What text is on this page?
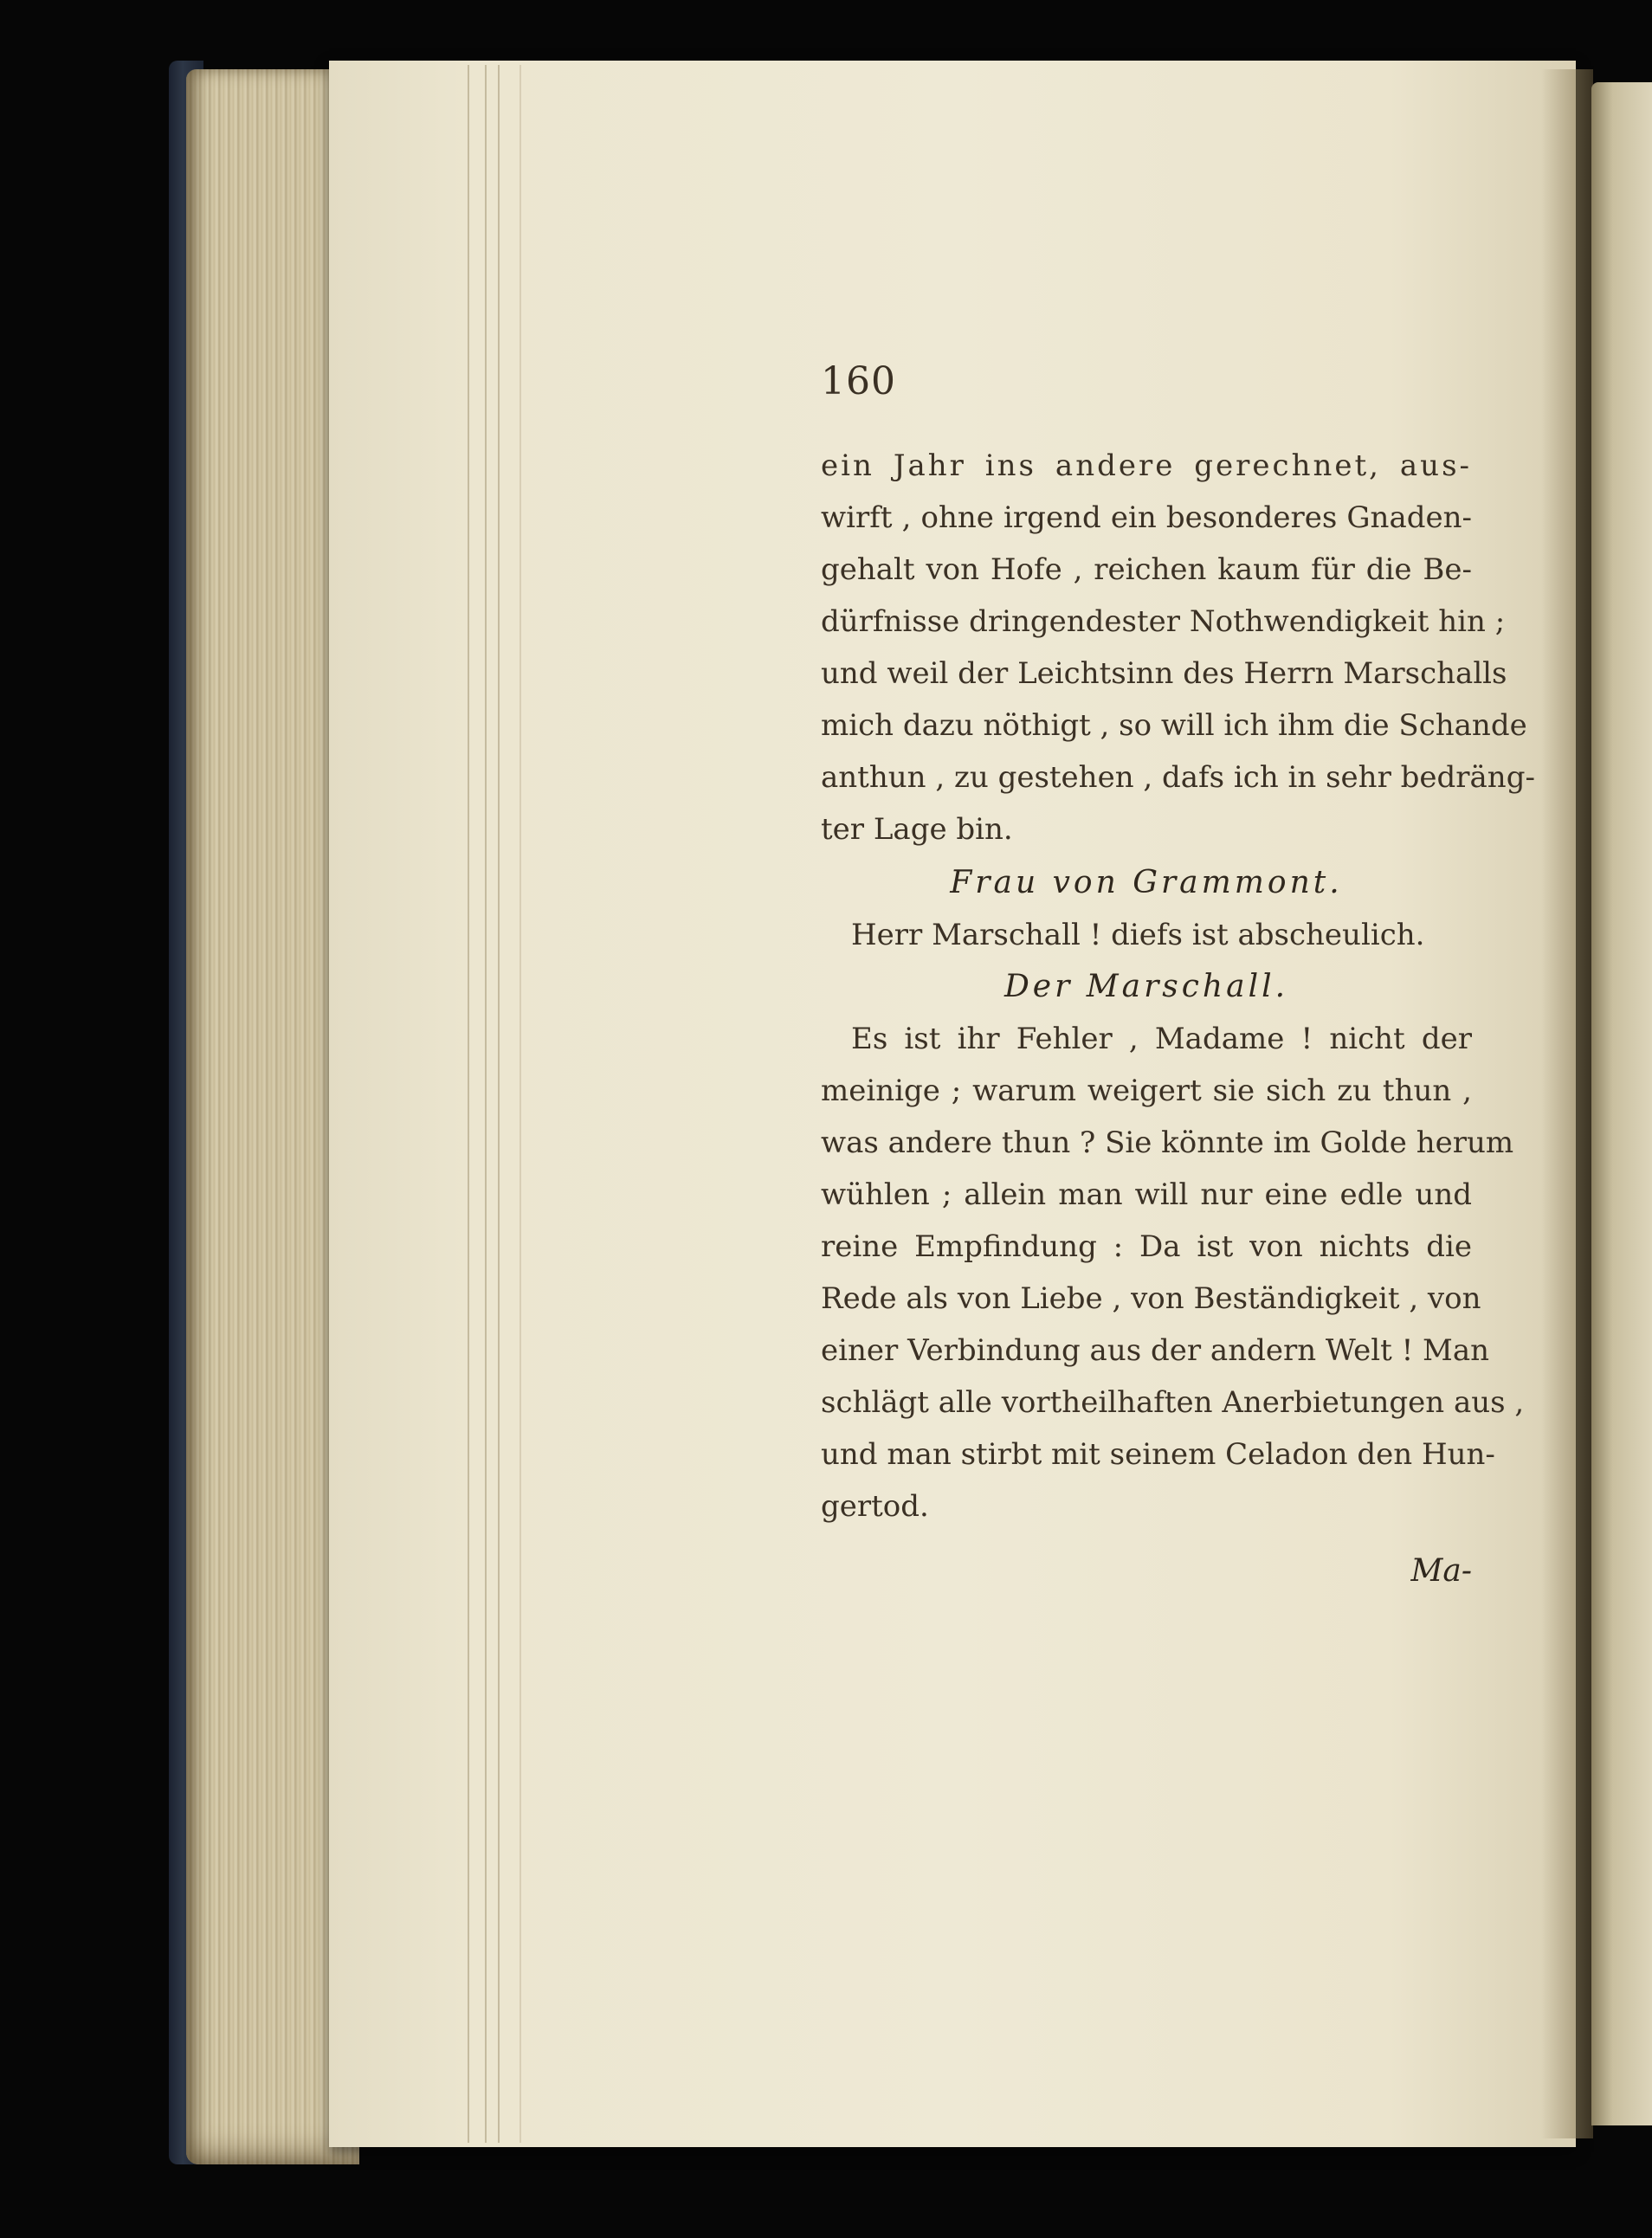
160
ein Jahr ins andere gerechnet, aus-
wirft , ohne irgend ein besonderes Gnaden-
gehalt von Hofe , reichen kaum für die Be-
dürfnisse dringendester Nothwendigkeit hin ;
und weil der Leichtsinn des Herrn Marschalls
mich dazu nöthigt , so will ich ihm die Schande
anthun , zu gestehen , dafs ich in sehr bedräng-
ter Lage bin.
Frau von Grammont.
Herr Marschall ! diefs ist abscheulich.
Der Marschall.
Es ist ihr Fehler , Madame ! nicht der
meinige ; warum weigert sie sich zu thun ,
was andere thun ? Sie könnte im Golde herum
wühlen ; allein man will nur eine edle und
reine Empfindung : Da ist von nichts die
Rede als von Liebe , von Beständigkeit , von
einer Verbindung aus der andern Welt ! Man
schlägt alle vortheilhaften Anerbietungen aus ,
und man stirbt mit seinem Celadon den Hun-
gertod.
Ma-
